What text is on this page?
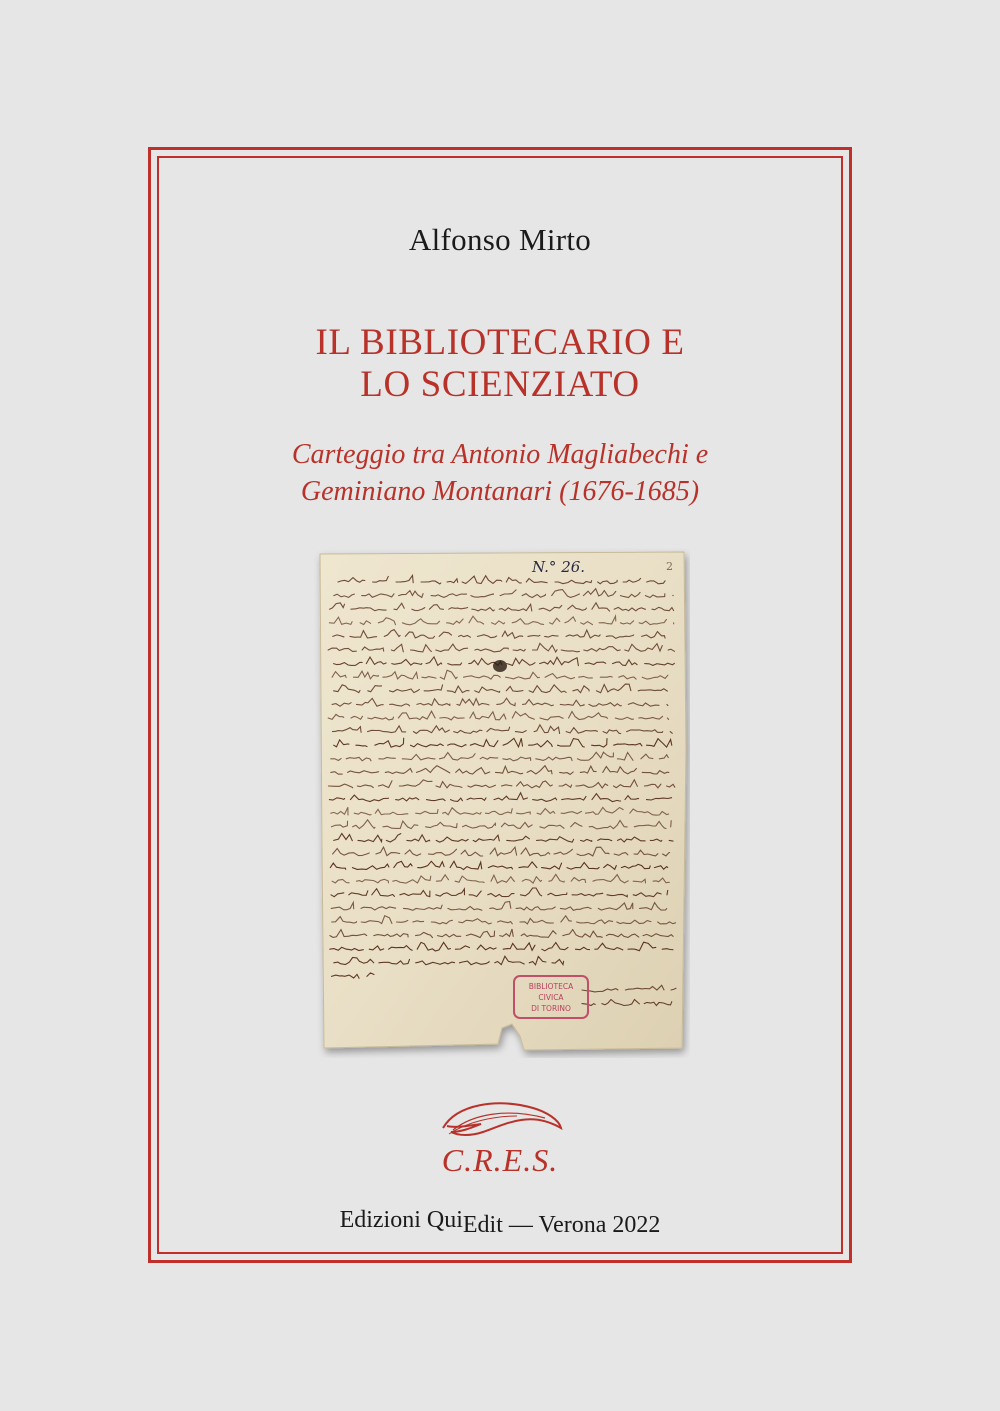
Alfonso Mirto
IL BIBLIOTECARIO E
LO SCIENZIATO
Carteggio tra Antonio Magliabechi e
Geminiano Montanari (1676-1685)
N.° 26.	2
BIBLIOTECA
CIVICA
DI TORINO
C.R.E.S.
Edizioni QuiEdit — Verona 2022
